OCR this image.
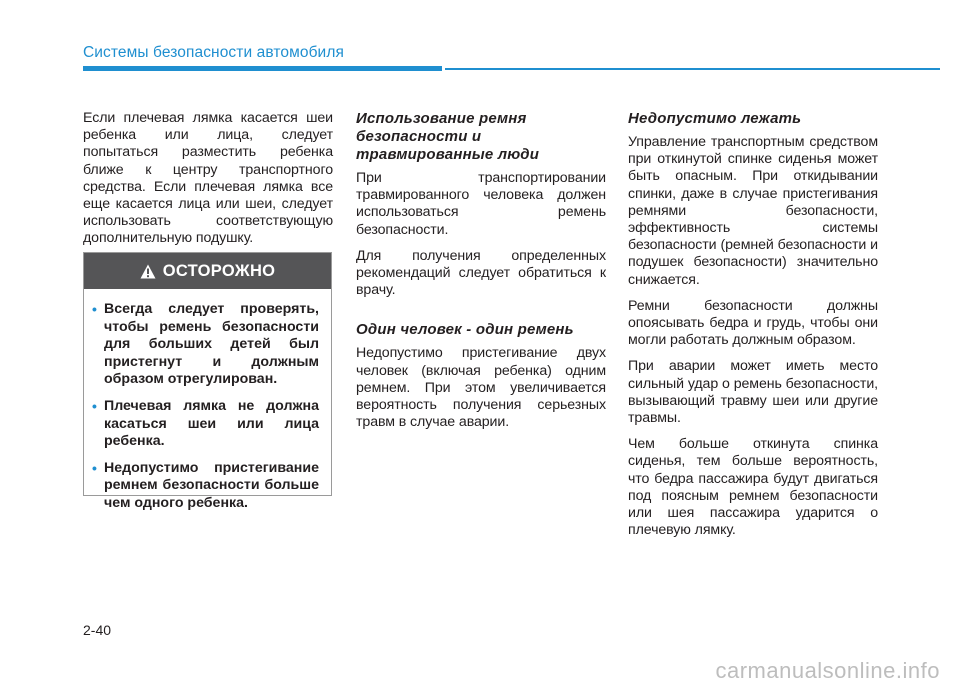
Системы безопасности автомобиля

Если плечевая лямка касается шеи ребенка или лица, следует попытаться разместить ребенка ближе к центру транспортного средства. Если плечевая лямка все еще касается лица или шеи, следует использовать соответствующую дополнительную подушку.

ОСТОРОЖНО
• Всегда следует проверять, чтобы ремень безопасности для больших детей был пристегнут и должным образом отрегулирован.
• Плечевая лямка не должна касаться шеи или лица ребенка.
• Недопустимо пристегивание ремнем безопасности больше чем одного ребенка.
Использование ремня безопасности и травмированные люди

При транспортировании травмированного человека должен использоваться ремень безопасности.

Для получения определенных рекомендаций следует обратиться к врачу.

Один человек - один ремень

Недопустимо пристегивание двух человек (включая ребенка) одним ремнем. При этом увеличивается вероятность получения серьезных травм в случае аварии.

Недопустимо лежать

Управление транспортным средством при откинутой спинке сиденья может быть опасным. При откидывании спинки, даже в случае пристегивания ремнями безопасности, эффективность системы безопасности (ремней безопасности и подушек безопасности) значительно снижается.

Ремни безопасности должны опоясывать бедра и грудь, чтобы они могли работать должным образом.

При аварии может иметь место сильный удар о ремень безопасности, вызывающий травму шеи или другие травмы.

Чем больше откинута спинка сиденья, тем больше вероятность, что бедра пассажира будут двигаться под поясным ремнем безопасности или шея пассажира ударится о плечевую лямку.

2-40
carmanualsonline.info
